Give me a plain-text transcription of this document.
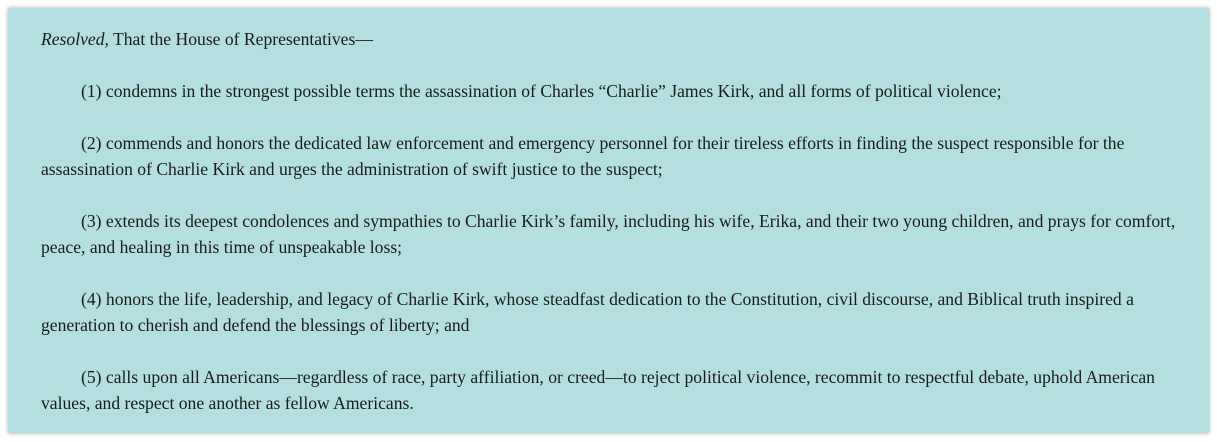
Resolved, That the House of Representatives—

(1) condemns in the strongest possible terms the assassination of Charles “Charlie” James Kirk, and all forms of political violence;

(2) commends and honors the dedicated law enforcement and emergency personnel for their tireless efforts in finding the suspect responsible for the assassination of Charlie Kirk and urges the administration of swift justice to the suspect;

(3) extends its deepest condolences and sympathies to Charlie Kirk’s family, including his wife, Erika, and their two young children, and prays for comfort, peace, and healing in this time of unspeakable loss;

(4) honors the life, leadership, and legacy of Charlie Kirk, whose steadfast dedication to the Constitution, civil discourse, and Biblical truth inspired a generation to cherish and defend the blessings of liberty; and

(5) calls upon all Americans—regardless of race, party affiliation, or creed—to reject political violence, recommit to respectful debate, uphold American values, and respect one another as fellow Americans.
